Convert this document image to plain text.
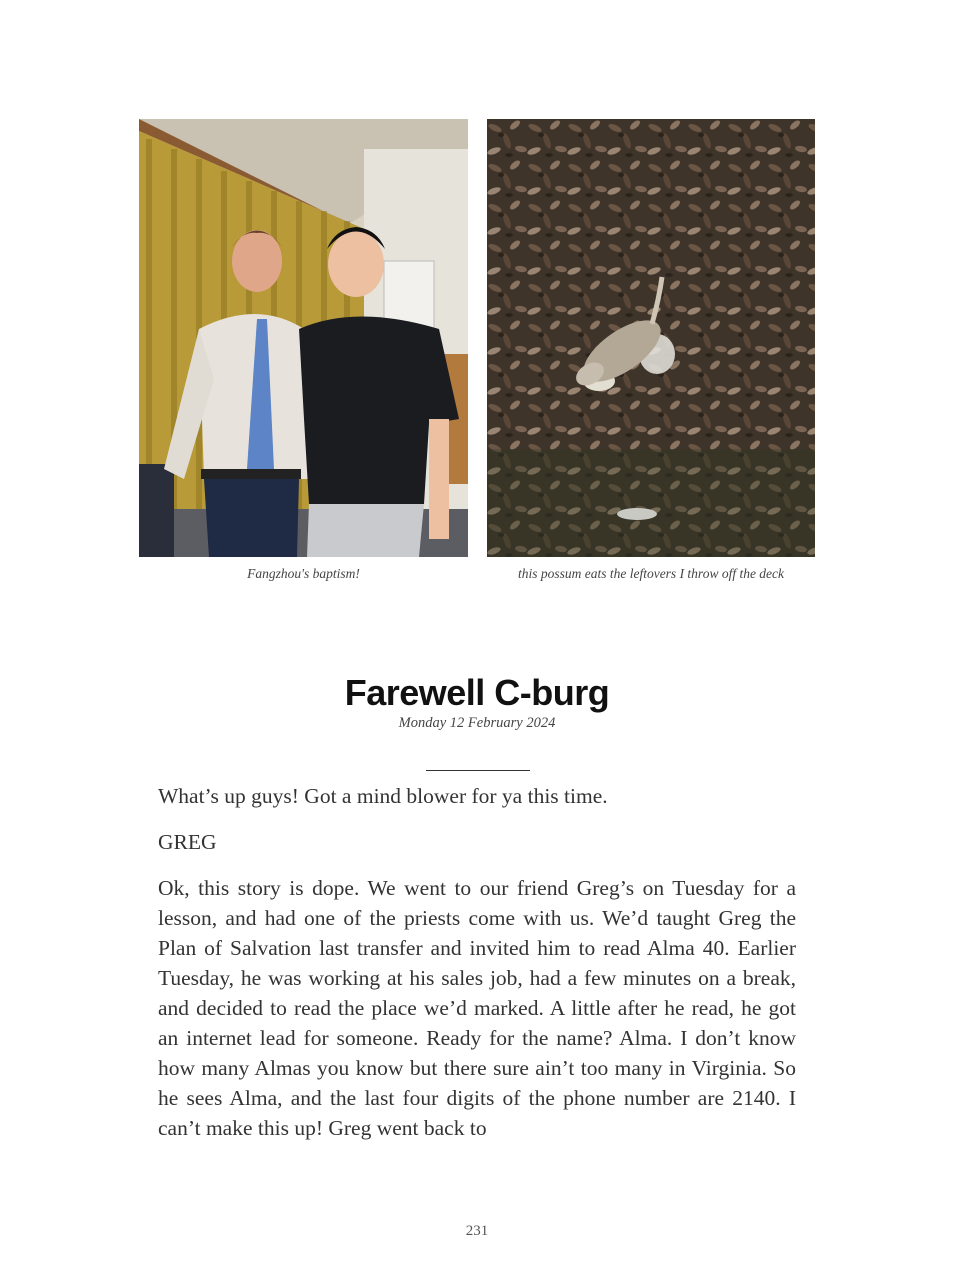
Fangzhou's baptism!	this possum eats the leftovers I throw off the deck
Farewell C-burg
Monday 12 February 2024

What’s up guys! Got a mind blower for ya this time.

GREG

Ok, this story is dope. We went to our friend Greg’s on Tuesday for a lesson, and had one of the priests come with us. We’d taught Greg the Plan of Salvation last transfer and invited him to read Alma 40. Earlier Tuesday, he was working at his sales job, had a few minutes on a break, and decided to read the place we’d marked. A little after he read, he got an internet lead for someone. Ready for the name? Alma. I don’t know how many Almas you know but there sure ain’t too many in Virginia. So he sees Alma, and the last four digits of the phone number are 2140. I can’t make this up! Greg went back to

231
